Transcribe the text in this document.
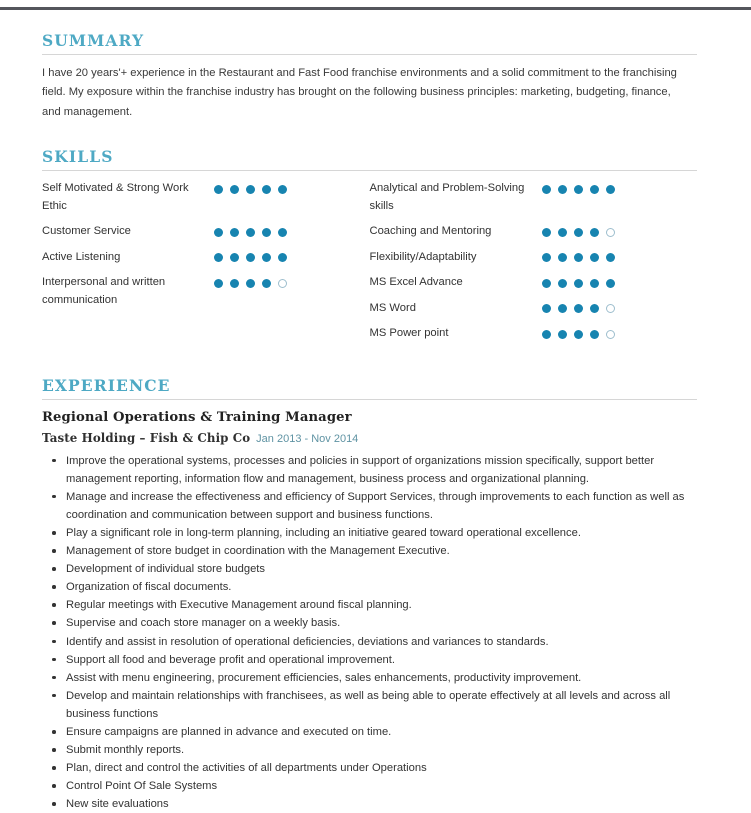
SUMMARY

I have 20 years'+ experience in the Restaurant and Fast Food franchise environments and a solid commitment to the franchising field. My exposure within the franchise industry has brought on the following business principles: marketing, budgeting, finance, and management.

SKILLS
Self Motivated & Strong Work Ethic
Customer Service
Active Listening
Interpersonal and written communication
Analytical and Problem-Solving skills
Coaching and Mentoring
Flexibility/Adaptability
MS Excel Advance
MS Word
MS Power point
EXPERIENCE
Regional Operations & Training Manager
Taste Holding – Fish & Chip Co Jan 2013 - Nov 2014
Improve the operational systems, processes and policies in support of organizations mission specifically, support better management reporting, information flow and management, business process and organizational planning.
Manage and increase the effectiveness and efficiency of Support Services, through improvements to each function as well as coordination and communication between support and business functions.
Play a significant role in long-term planning, including an initiative geared toward operational excellence.
Management of store budget in coordination with the Management Executive.
Development of individual store budgets
Organization of fiscal documents.
Regular meetings with Executive Management around fiscal planning.
Supervise and coach store manager on a weekly basis.
Identify and assist in resolution of operational deficiencies, deviations and variances to standards.
Support all food and beverage profit and operational improvement.
Assist with menu engineering, procurement efficiencies, sales enhancements, productivity improvement.
Develop and maintain relationships with franchisees, as well as being able to operate effectively at all levels and across all business functions
Ensure campaigns are planned in advance and executed on time.
Submit monthly reports.
Plan, direct and control the activities of all departments under Operations
Control Point Of Sale Systems
New site evaluations
